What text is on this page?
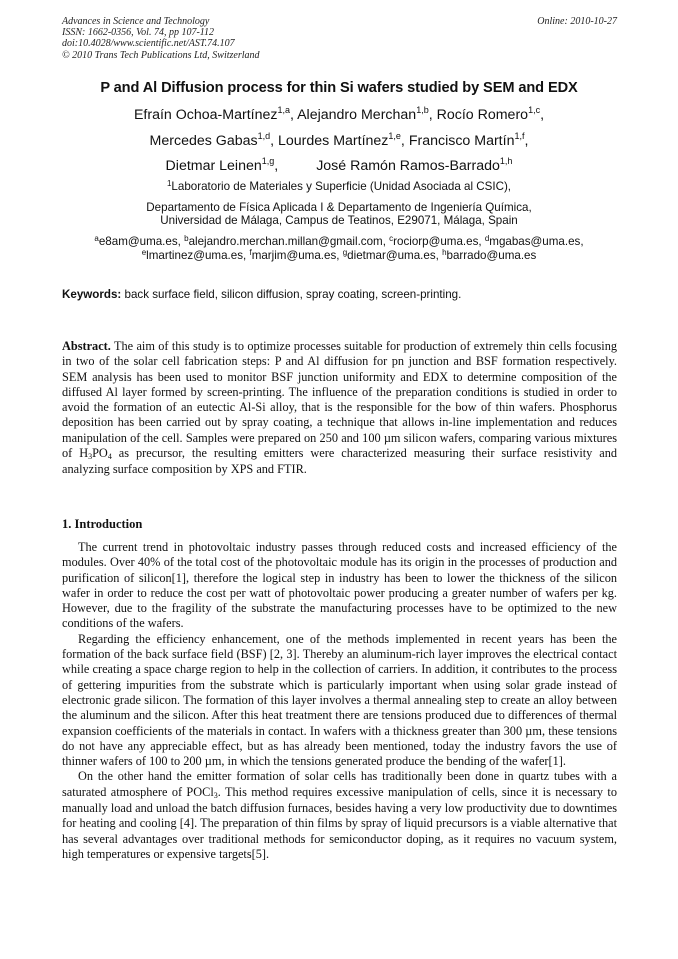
Advances in Science and Technology
ISSN: 1662-0356, Vol. 74, pp 107-112
doi:10.4028/www.scientific.net/AST.74.107
© 2010 Trans Tech Publications Ltd, Switzerland
Online: 2010-10-27
P and Al Diffusion process for thin Si wafers studied by SEM and EDX
Efraín Ochoa-Martínez$^{1,a}$, Alejandro Merchan$^{1,b}$, Rocío Romero$^{1,c}$,
Mercedes Gabas$^{1,d}$, Lourdes Martínez$^{1,e}$, Francisco Martín$^{1,f}$,
Dietmar Leinen$^{1,g}$,	José Ramón Ramos-Barrado$^{1,h}$
$^1$Laboratorio de Materiales y Superficie (Unidad Asociada al CSIC),
Departamento de Física Aplicada I & Departamento de Ingeniería Química,
Universidad de Málaga, Campus de Teatinos, E29071, Málaga, Spain
$^a$e8am@uma.es, $^b$alejandro.merchan.millan@gmail.com, $^c$rociorp@uma.es, $^d$mgabas@uma.es,
$^e$lmartinez@uma.es, $^f$marjim@uma.es, $^g$dietmar@uma.es, $^h$barrado@uma.es
Keywords: back surface field, silicon diffusion, spray coating, screen-printing.
Abstract. The aim of this study is to optimize processes suitable for production of extremely thin cells focusing in two of the solar cell fabrication steps: P and Al diffusion for pn junction and BSF formation respectively. SEM analysis has been used to monitor BSF junction uniformity and EDX to determine composition of the diffused Al layer formed by screen-printing. The influence of the preparation conditions is studied in order to avoid the formation of an eutectic Al-Si alloy, that is the responsible for the bow of thin wafers. Phosphorus deposition has been carried out by spray coating, a technique that allows in-line implementation and reduces manipulation of the cell. Samples were prepared on 250 and 100 µm silicon wafers, comparing various mixtures of $H_3PO_4$ as precursor, the resulting emitters were characterized measuring their surface resistivity and analyzing surface composition by XPS and FTIR.
1. Introduction

The current trend in photovoltaic industry passes through reduced costs and increased efficiency of the modules. Over 40% of the total cost of the photovoltaic module has its origin in the processes of production and purification of silicon[1], therefore the logical step in industry has been to lower the thickness of the silicon wafer in order to reduce the cost per watt of photovoltaic power producing a greater number of wafers per kg. However, due to the fragility of the substrate the manufacturing processes have to be optimized to the new conditions of the wafers.

Regarding the efficiency enhancement, one of the methods implemented in recent years has been the formation of the back surface field (BSF) [2, 3]. Thereby an aluminum-rich layer improves the electrical contact while creating a space charge region to help in the collection of carriers. In addition, it contributes to the process of gettering impurities from the substrate which is particularly important when using solar grade instead of electronic grade silicon. The formation of this layer involves a thermal annealing step to create an alloy between the aluminum and the silicon. After this heat treatment there are tensions produced due to differences of thermal expansion coefficients of the materials in contact. In wafers with a thickness greater than 300 µm, these tensions do not have any appreciable effect, but as has already been mentioned, today the industry favors the use of thinner wafers of 100 to 200 µm, in which the tensions generated produce the bending of the wafer[1].

On the other hand the emitter formation of solar cells has traditionally been done in quartz tubes with a saturated atmosphere of POCl$_3$. This method requires excessive manipulation of cells, since it is necessary to manually load and unload the batch diffusion furnaces, besides having a very low productivity due to downtimes for heating and cooling [4]. The preparation of thin films by spray of liquid precursors is a viable alternative that has several advantages over traditional methods for semiconductor doping, as it requires no vacuum system, high temperatures or expensive targets[5].
